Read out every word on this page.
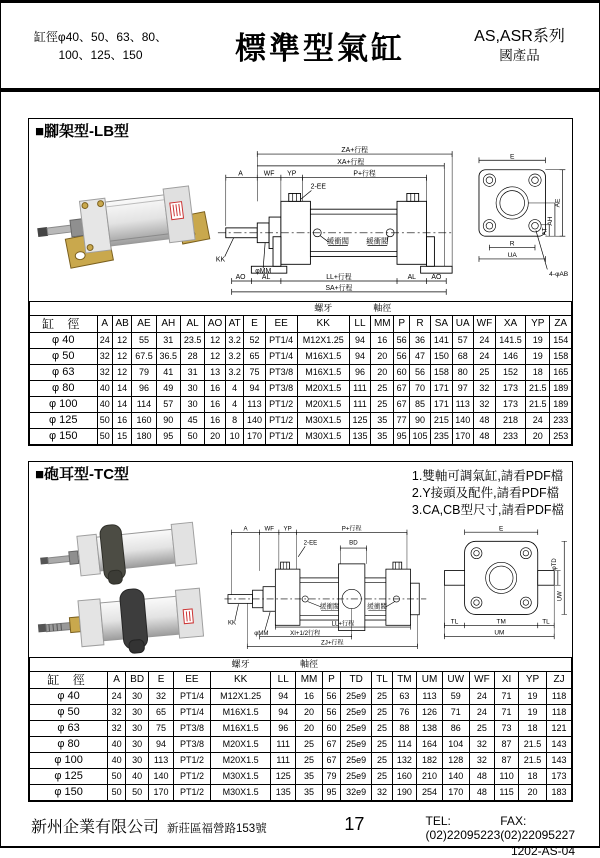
缸徑φ40、50、63、80、
100、125、150	標準型氣缸	AS,ASR系列
國產品
■腳架型-LB型
ZA+行程
XA+行程
A	WF YP	P+行程
2-EE
KK
φMM
緩衝閥 緩衝閥
AO AL	LL+行程	AL AO
SA+行程
E
AE
AH
AT
R
UA
4-φAB
										螺牙		軸徑								
缸 徑	A	AB	AE	AH	AL	AO	AT	E	EE	KK	LL	MM	P	R	SA	UA	WF	XA	YP	ZA
φ 40	24	12	55	31	23.5	12	3.2	52	PT1/4	M12X1.25	94	16	56	36	141	57	24	141.5	19	154
φ 50	32	12	67.5	36.5	28	12	3.2	65	PT1/4	M16X1.5	94	20	56	47	150	68	24	146	19	158
φ 63	32	12	79	41	31	13	3.2	75	PT3/8	M16X1.5	96	20	60	56	158	80	25	152	18	165
φ 80	40	14	96	49	30	16	4	94	PT3/8	M20X1.5	111	25	67	70	171	97	32	173	21.5	189
φ 100	40	14	114	57	30	16	4	113	PT1/2	M20X1.5	111	25	67	85	171	113	32	173	21.5	189
φ 125	50	16	160	90	45	16	8	140	PT1/2	M30X1.5	125	35	77	90	215	140	48	218	24	233
φ 150	50	15	180	95	50	20	10	170	PT1/2	M30X1.5	135	35	95	105	235	170	48	233	20	253
■砲耳型-TC型	1.雙軸可調氣缸,請看PDF檔
2.Y接頭及配件,請看PDF檔
3.CA,CB型尺寸,請看PDF檔
A WF YP	P+行程
2-EE	BD
緩衝閥	緩衝閥
KK
φMM
LL+行程
XI+1/2行程
ZJ+行程
E
φTD
UW
TL	TM	TL
UM
					螺牙		軸徑										
缸 徑	A	BD	E	EE	KK	LL	MM	P	TD	TL	TM	UM	UW	WF	XI	YP	ZJ
φ 40	24	30	32	PT1/4	M12X1.25	94	16	56	25e9	25	63	113	59	24	71	19	118
φ 50	32	30	65	PT1/4	M16X1.5	94	20	56	25e9	25	76	126	71	24	71	19	118
φ 63	32	30	75	PT3/8	M16X1.5	96	20	60	25e9	25	88	138	86	25	73	18	121
φ 80	40	30	94	PT3/8	M20X1.5	111	25	67	25e9	25	114	164	104	32	87	21.5	143
φ 100	40	30	113	PT1/2	M20X1.5	111	25	67	25e9	25	132	182	128	32	87	21.5	143
φ 125	50	40	140	PT1/2	M30X1.5	125	35	79	25e9	25	160	210	140	48	110	18	173
φ 150	50	50	170	PT1/2	M30X1.5	135	35	95	32e9	32	190	254	170	48	115	20	183
新州企業有限公司 新莊區福營路153號	17	TEL:(02)22095223
FAX:(02)22095227
1202-AS-04
